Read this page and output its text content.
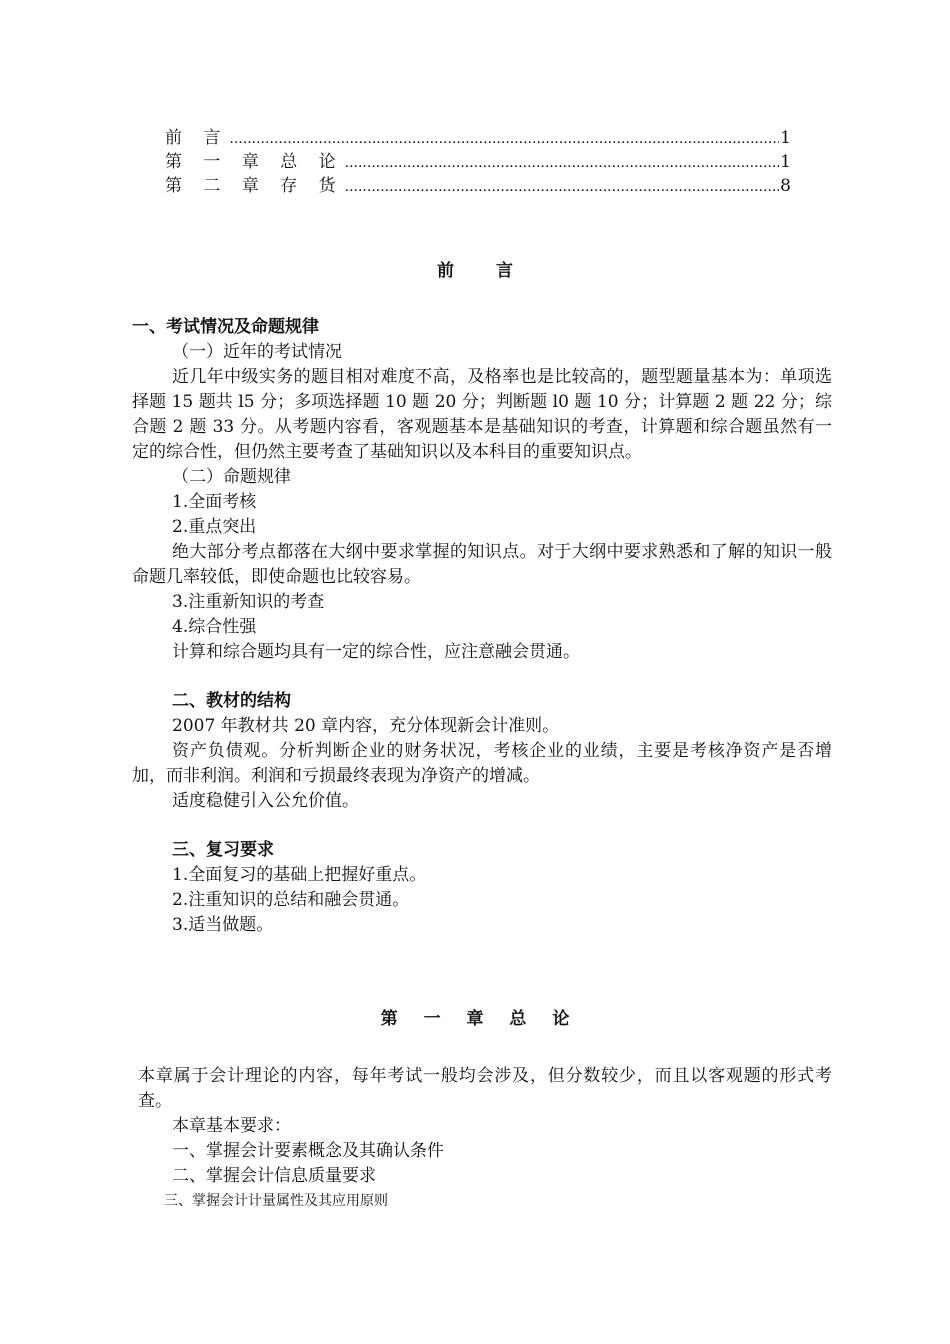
前 言 .....	1
第 一 章 总 论 .....	1
第 二 章 存 货 .....	8
前 言
一、考试情况及命题规律
（一）近年的考试情况
近几年中级实务的题目相对难度不高，及格率也是比较高的，题型题量基本为：单项选择题 15 题共 l5 分；多项选择题 10 题 20 分；判断题 l0 题 10 分；计算题 2 题 22 分；综合题 2 题 33 分。从考题内容看，客观题基本是基础知识的考查，计算题和综合题虽然有一定的综合性，但仍然主要考查了基础知识以及本科目的重要知识点。
（二）命题规律
1.全面考核
2.重点突出
绝大部分考点都落在大纲中要求掌握的知识点。对于大纲中要求熟悉和了解的知识一般命题几率较低，即使命题也比较容易。
3.注重新知识的考查
4.综合性强
计算和综合题均具有一定的综合性，应注意融会贯通。
二、教材的结构
2007 年教材共 20 章内容，充分体现新会计准则。
资产负债观。分析判断企业的财务状况，考核企业的业绩，主要是考核净资产是否增加，而非利润。利润和亏损最终表现为净资产的增减。
适度稳健引入公允价值。
三、复习要求
1.全面复习的基础上把握好重点。
2.注重知识的总结和融会贯通。
3.适当做题。
第 一 章 总 论
本章属于会计理论的内容，每年考试一般均会涉及，但分数较少，而且以客观题的形式考查。
本章基本要求：
一、掌握会计要素概念及其确认条件
二、掌握会计信息质量要求
三、掌握会计计量属性及其应用原则
